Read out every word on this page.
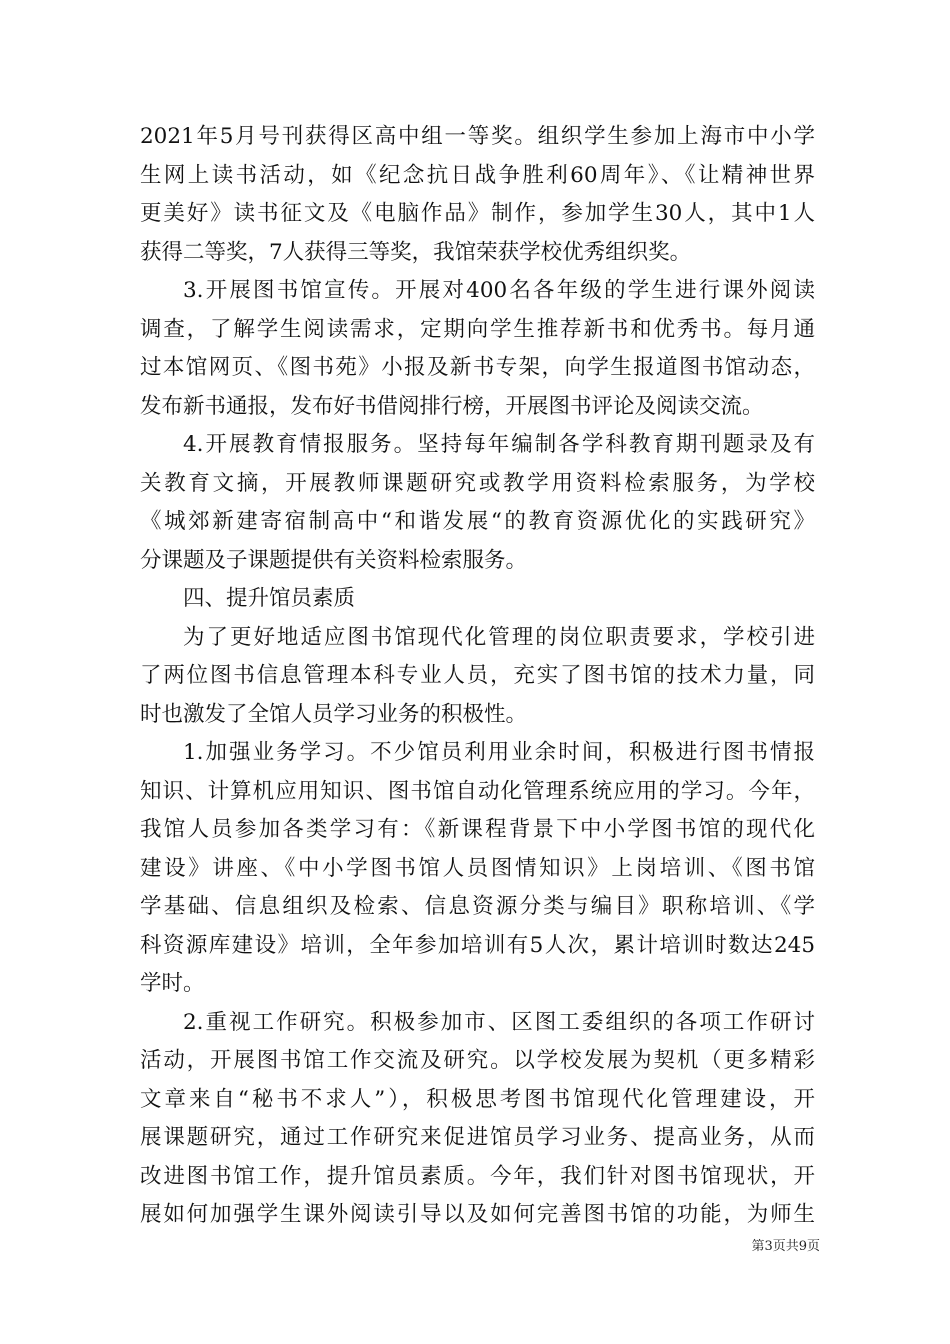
2021年5月号刊获得区高中组一等奖。组织学生参加上海市中小学
生网上读书活动，如《纪念抗日战争胜利60周年》、《让精神世界
更美好》读书征文及《电脑作品》制作，参加学生30人，其中1人
获得二等奖，7人获得三等奖，我馆荣获学校优秀组织奖。
3.开展图书馆宣传。开展对400名各年级的学生进行课外阅读
调查，了解学生阅读需求，定期向学生推荐新书和优秀书。每月通
过本馆网页、《图书苑》小报及新书专架，向学生报道图书馆动态，
发布新书通报，发布好书借阅排行榜，开展图书评论及阅读交流。
4.开展教育情报服务。坚持每年编制各学科教育期刊题录及有
关教育文摘，开展教师课题研究或教学用资料检索服务，为学校
《城郊新建寄宿制高中“和谐发展“的教育资源优化的实践研究》
分课题及子课题提供有关资料检索服务。
四、提升馆员素质
为了更好地适应图书馆现代化管理的岗位职责要求，学校引进
了两位图书信息管理本科专业人员，充实了图书馆的技术力量，同
时也激发了全馆人员学习业务的积极性。
1.加强业务学习。不少馆员利用业余时间，积极进行图书情报
知识、计算机应用知识、图书馆自动化管理系统应用的学习。今年，
我馆人员参加各类学习有：《新课程背景下中小学图书馆的现代化
建设》讲座、《中小学图书馆人员图情知识》上岗培训、《图书馆
学基础、信息组织及检索、信息资源分类与编目》职称培训、《学
科资源库建设》培训，全年参加培训有5人次，累计培训时数达245
学时。
2.重视工作研究。积极参加市、区图工委组织的各项工作研讨
活动，开展图书馆工作交流及研究。以学校发展为契机（更多精彩
文章来自“秘书不求人”），积极思考图书馆现代化管理建设，开
展课题研究，通过工作研究来促进馆员学习业务、提高业务，从而
改进图书馆工作，提升馆员素质。今年，我们针对图书馆现状，开
展如何加强学生课外阅读引导以及如何完善图书馆的功能，为师生
第3页共9页
